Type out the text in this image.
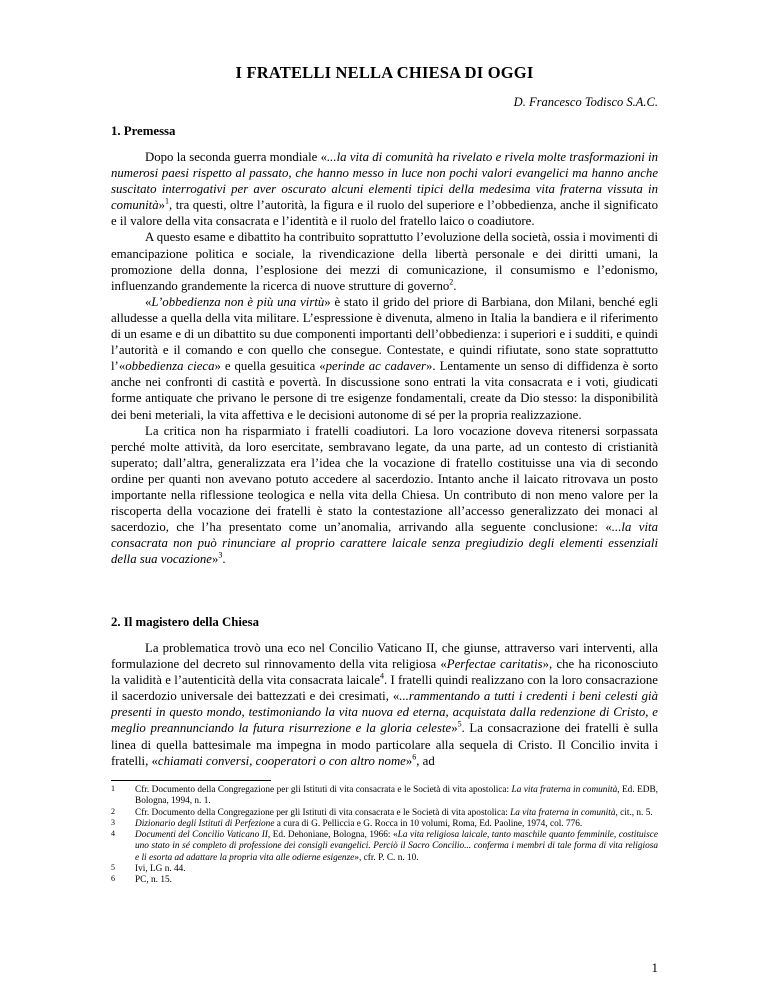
I FRATELLI NELLA CHIESA DI OGGI
D. Francesco Todisco S.A.C.
1. Premessa

Dopo la seconda guerra mondiale «...la vita di comunità ha rivelato e rivela molte trasformazioni in numerosi paesi rispetto al passato, che hanno messo in luce non pochi valori evangelici ma hanno anche suscitato interrogativi per aver oscurato alcuni elementi tipici della medesima vita fraterna vissuta in comunità»$^1$, tra questi, oltre l’autorità, la figura e il ruolo del superiore e l’obbedienza, anche il significato e il valore della vita consacrata e l’identità e il ruolo del fratello laico o coadiutore.

A questo esame e dibattito ha contribuito soprattutto l’evoluzione della società, ossia i movimenti di emancipazione politica e sociale, la rivendicazione della libertà personale e dei diritti umani, la promozione della donna, l’esplosione dei mezzi di comunicazione, il consumismo e l’edonismo, influenzando grandemente la ricerca di nuove strutture di governo$^2$.

«L’obbedienza non è più una virtù» è stato il grido del priore di Barbiana, don Milani, benché egli alludesse a quella della vita militare. L’espressione è divenuta, almeno in Italia la bandiera e il riferimento di un esame e di un dibattito su due componenti importanti dell’obbedienza: i superiori e i sudditi, e quindi l’autorità e il comando e con quello che consegue. Contestate, e quindi rifiutate, sono state soprattutto l’«obbedienza cieca» e quella gesuitica «perinde ac cadaver». Lentamente un senso di diffidenza è sorto anche nei confronti di castità e povertà. In discussione sono entrati la vita consacrata e i voti, giudicati forme antiquate che privano le persone di tre esigenze fondamentali, create da Dio stesso: la disponibilità dei beni meteriali, la vita affettiva e le decisioni autonome di sé per la propria realizzazione.

La critica non ha risparmiato i fratelli coadiutori. La loro vocazione doveva ritenersi sorpassata perché molte attività, da loro esercitate, sembravano legate, da una parte, ad un contesto di cristianità superato; dall’altra, generalizzata era l’idea che la vocazione di fratello costituisse una via di secondo ordine per quanti non avevano potuto accedere al sacerdozio. Intanto anche il laicato ritrovava un posto importante nella riflessione teologica e nella vita della Chiesa. Un contributo di non meno valore per la riscoperta della vocazione dei fratelli è stato la contestazione all’accesso generalizzato dei monaci al sacerdozio, che l’ha presentato come un’anomalia, arrivando alla seguente conclusione: «...la vita consacrata non può rinunciare al proprio carattere laicale senza pregiudizio degli elementi essenziali della sua vocazione»$^3$.

2. Il magistero della Chiesa

La problematica trovò una eco nel Concilio Vaticano II, che giunse, attraverso vari interventi, alla formulazione del decreto sul rinnovamento della vita religiosa «Perfectae caritatis», che ha riconosciuto la validità e l’autenticità della vita consacrata laicale$^4$. I fratelli quindi realizzano con la loro consacrazione il sacerdozio universale dei battezzati e dei cresimati, «...rammentando a tutti i credenti i beni celesti già presenti in questo mondo, testimoniando la vita nuova ed eterna, acquistata dalla redenzione di Cristo, e meglio preannunciando la futura risurrezione e la gloria celeste»$^5$. La consacrazione dei fratelli è sulla linea di quella battesimale ma impegna in modo particolare alla sequela di Cristo. Il Concilio invita i fratelli, «chiamati conversi, cooperatori o con altro nome»$^6$, ad

1 Cfr. Documento della Congregazione per gli Istituti di vita consacrata e le Società di vita apostolica: La vita fraterna in comunità, Ed. EDB, Bologna, 1994, n. 1.
2 Cfr. Documento della Congregazione per gli Istituti di vita consacrata e le Società di vita apostolica: La vita fraterna in comunità, cit., n. 5.
3 Dizionario degli Istituti di Perfezione a cura di G. Pelliccia e G. Rocca in 10 volumi, Roma, Ed. Paoline, 1974, col. 776.
4 Documenti del Concilio Vaticano II, Ed. Dehoniane, Bologna, 1966: «La vita religiosa laicale, tanto maschile quanto femminile, costituisce uno stato in sé completo di professione dei consigli evangelici. Perciò il Sacro Concilio... conferma i membri di tale forma di vita religiosa e li esorta ad adattare la propria vita alle odierne esigenze», cfr. P. C. n. 10.
5 Ivi, LG n. 44.
6 PC, n. 15.
1
